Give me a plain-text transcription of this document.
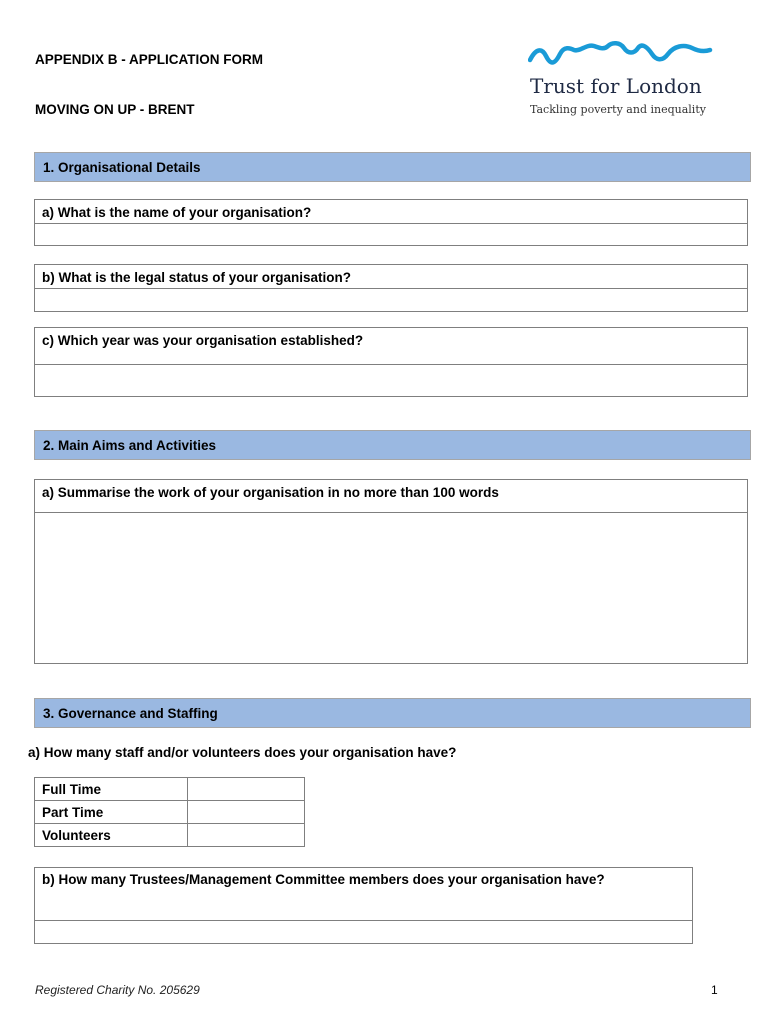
APPENDIX B - APPLICATION FORM
MOVING ON UP - BRENT
Trust for London
Tackling poverty and inequality
1. Organisational Details
a) What is the name of your organisation?
b) What is the legal status of your organisation?
c) Which year was your organisation established?
2. Main Aims and Activities
a) Summarise the work of your organisation in no more than 100 words
3. Governance and Staffing
a) How many staff and/or volunteers does your organisation have?
Full Time	
Part Time	
Volunteers	
b) How many Trustees/Management Committee members does your organisation have?
Registered Charity No. 205629	1
